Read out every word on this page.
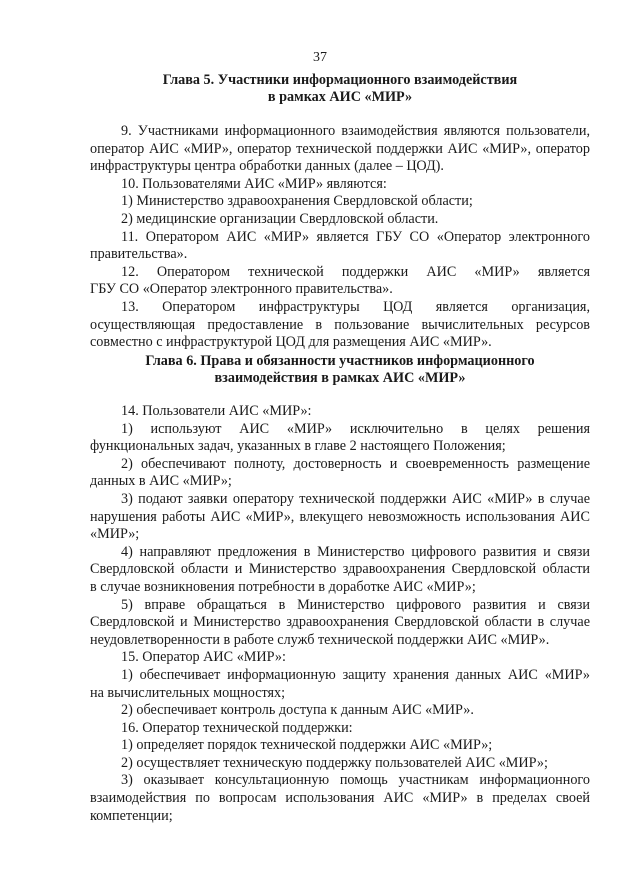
37
Глава 5. Участники информационного взаимодействия
в рамках АИС «МИР»
9. Участниками информационного взаимодействия являются пользователи,
оператор АИС «МИР», оператор технической поддержки АИС «МИР», оператор
инфраструктуры центра обработки данных (далее – ЦОД).
10. Пользователями АИС «МИР» являются:
1) Министерство здравоохранения Свердловской области;
2) медицинские организации Свердловской области.
11. Оператором АИС «МИР» является ГБУ СО «Оператор электронного
правительства».
12. Оператором технической поддержки АИС «МИР» является
ГБУ СО «Оператор электронного правительства».
13. Оператором инфраструктуры ЦОД является организация,
осуществляющая предоставление в пользование вычислительных ресурсов
совместно с инфраструктурой ЦОД для размещения АИС «МИР».
Глава 6. Права и обязанности участников информационного
взаимодействия в рамках АИС «МИР»
14. Пользователи АИС «МИР»:
1) используют АИС «МИР» исключительно в целях решения
функциональных задач, указанных в главе 2 настоящего Положения;
2) обеспечивают полноту, достоверность и своевременность размещение
данных в АИС «МИР»;
3) подают заявки оператору технической поддержки АИС «МИР» в случае
нарушения работы АИС «МИР», влекущего невозможность использования АИС
«МИР»;
4) направляют предложения в Министерство цифрового развития и связи
Свердловской области и Министерство здравоохранения Свердловской области
в случае возникновения потребности в доработке АИС «МИР»;
5) вправе обращаться в Министерство цифрового развития и связи
Свердловской и Министерство здравоохранения Свердловской области в случае
неудовлетворенности в работе служб технической поддержки АИС «МИР».
15. Оператор АИС «МИР»:
1) обеспечивает информационную защиту хранения данных АИС «МИР»
на вычислительных мощностях;
2) обеспечивает контроль доступа к данным АИС «МИР».
16. Оператор технической поддержки:
1) определяет порядок технической поддержки АИС «МИР»;
2) осуществляет техническую поддержку пользователей АИС «МИР»;
3) оказывает консультационную помощь участникам информационного
взаимодействия по вопросам использования АИС «МИР» в пределах своей
компетенции;
